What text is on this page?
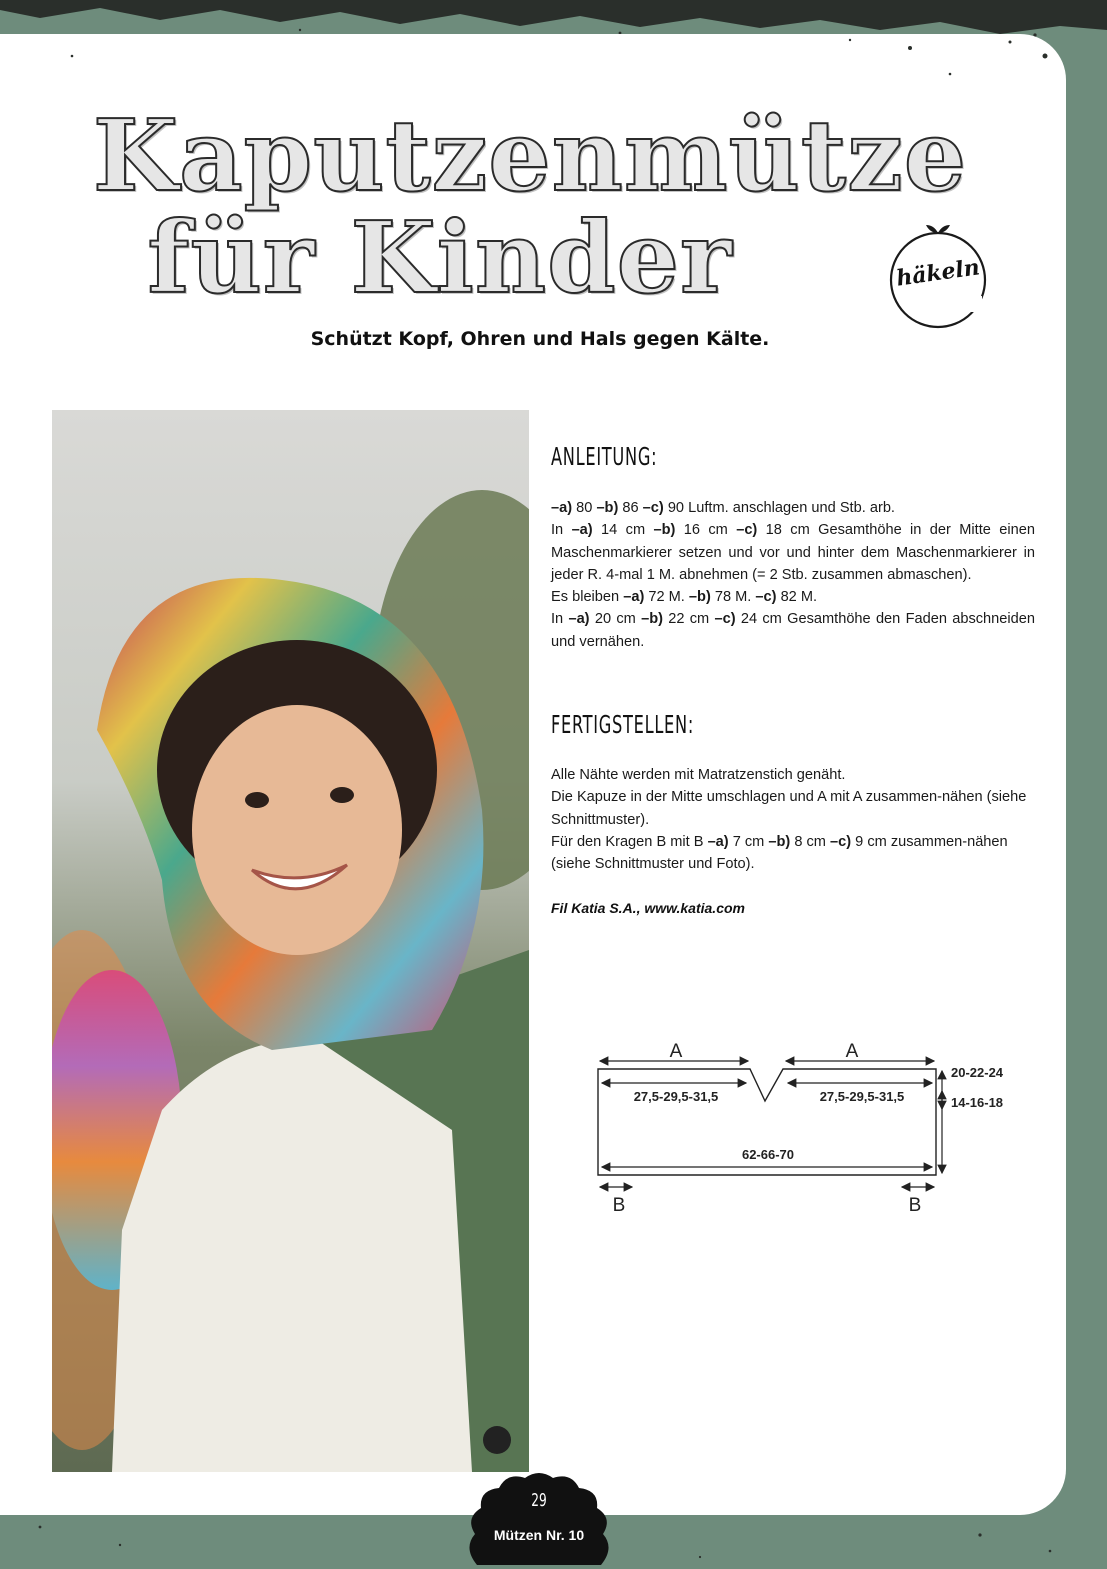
Kaputzenmütze
für Kinder	häkeln
Schützt Kopf, Ohren und Hals gegen Kälte.
ANLEITUNG:

–a) 80 –b) 86 –c) 90 Luftm. anschlagen und Stb. arb.

In –a) 14 cm –b) 16 cm –c) 18 cm Gesamthöhe in der Mitte einen Maschenmarkierer setzen und vor und hinter dem Maschenmarkierer in jeder R. 4-mal 1 M. abnehmen (= 2 Stb. zusammen abmaschen).

Es bleiben –a) 72 M. –b) 78 M. –c) 82 M.

In –a) 20 cm –b) 22 cm –c) 24 cm Gesamthöhe den Faden abschneiden und vernähen.

FERTIGSTELLEN:

Alle Nähte werden mit Matratzenstich genäht.

Die Kapuze in der Mitte umschlagen und A mit A zusammen-nähen (siehe Schnittmuster).

Für den Kragen B mit B –a) 7 cm –b) 8 cm –c) 9 cm zusammen-nähen (siehe Schnittmuster und Foto).

Fil Katia S.A., www.katia.com
A	A
27,5-29,5-31,5	27,5-29,5-31,5
62-66-70
20-22-24
14-16-18
B	B
29
Mützen Nr. 10
